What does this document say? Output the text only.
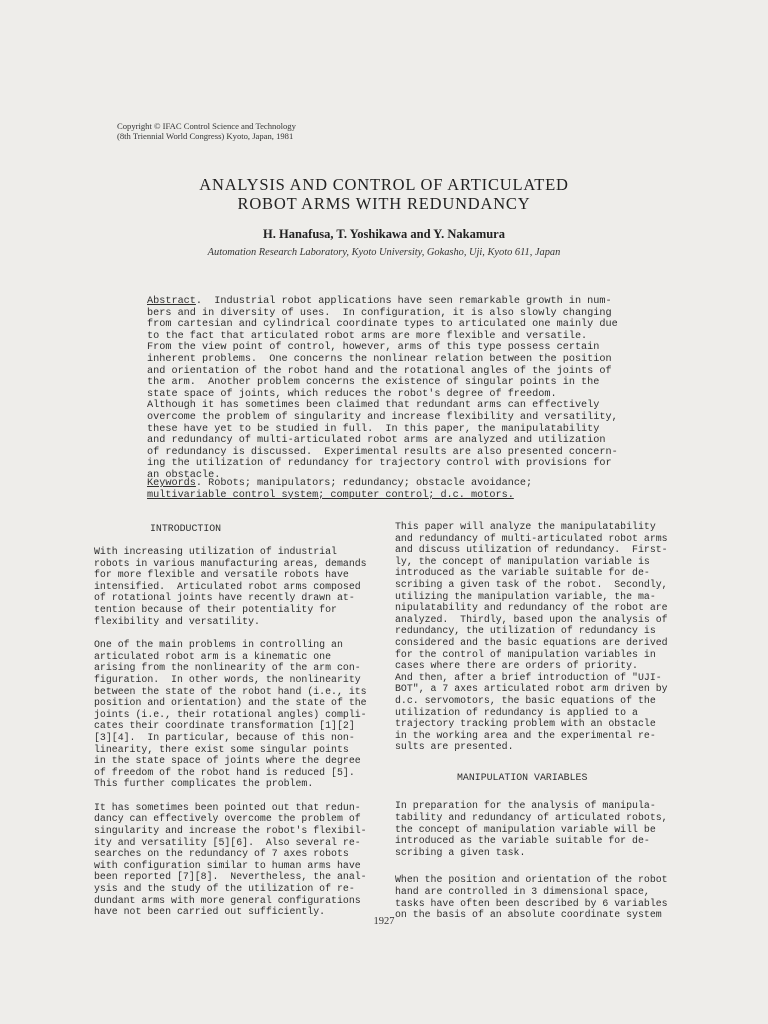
Copyright © IFAC Control Science and Technology
(8th Triennial World Congress) Kyoto, Japan, 1981
ANALYSIS AND CONTROL OF ARTICULATED
ROBOT ARMS WITH REDUNDANCY
H. Hanafusa, T. Yoshikawa and Y. Nakamura
Automation Research Laboratory, Kyoto University, Gokasho, Uji, Kyoto 611, Japan
Abstract.  Industrial robot applications have seen remarkable growth in num-
bers and in diversity of uses.  In configuration, it is also slowly changing
from cartesian and cylindrical coordinate types to articulated one mainly due
to the fact that articulated robot arms are more flexible and versatile.
From the view point of control, however, arms of this type possess certain
inherent problems.  One concerns the nonlinear relation between the position
and orientation of the robot hand and the rotational angles of the joints of
the arm.  Another problem concerns the existence of singular points in the
state space of joints, which reduces the robot's degree of freedom.
Although it has sometimes been claimed that redundant arms can effectively
overcome the problem of singularity and increase flexibility and versatility,
these have yet to be studied in full.  In this paper, the manipulatability
and redundancy of multi-articulated robot arms are analyzed and utilization
of redundancy is discussed.  Experimental results are also presented concern-
ing the utilization of redundancy for trajectory control with provisions for
an obstacle.
Keywords. Robots; manipulators; redundancy; obstacle avoidance;
multivariable control system; computer control; d.c. motors.
INTRODUCTION
With increasing utilization of industrial
robots in various manufacturing areas, demands
for more flexible and versatile robots have
intensified.  Articulated robot arms composed
of rotational joints have recently drawn at-
tention because of their potentiality for
flexibility and versatility.
One of the main problems in controlling an
articulated robot arm is a kinematic one
arising from the nonlinearity of the arm con-
figuration.  In other words, the nonlinearity
between the state of the robot hand (i.e., its
position and orientation) and the state of the
joints (i.e., their rotational angles) compli-
cates their coordinate transformation [1][2]
[3][4].  In particular, because of this non-
linearity, there exist some singular points
in the state space of joints where the degree
of freedom of the robot hand is reduced [5].
This further complicates the problem.
It has sometimes been pointed out that redun-
dancy can effectively overcome the problem of
singularity and increase the robot's flexibil-
ity and versatility [5][6].  Also several re-
searches on the redundancy of 7 axes robots
with configuration similar to human arms have
been reported [7][8].  Nevertheless, the anal-
ysis and the study of the utilization of re-
dundant arms with more general configurations
have not been carried out sufficiently.
This paper will analyze the manipulatability
and redundancy of multi-articulated robot arms
and discuss utilization of redundancy.  First-
ly, the concept of manipulation variable is
introduced as the variable suitable for de-
scribing a given task of the robot.  Secondly,
utilizing the manipulation variable, the ma-
nipulatability and redundancy of the robot are
analyzed.  Thirdly, based upon the analysis of
redundancy, the utilization of redundancy is
considered and the basic equations are derived
for the control of manipulation variables in
cases where there are orders of priority.
And then, after a brief introduction of "UJI-
BOT", a 7 axes articulated robot arm driven by
d.c. servomotors, the basic equations of the
utilization of redundancy is applied to a
trajectory tracking problem with an obstacle
in the working area and the experimental re-
sults are presented.
MANIPULATION VARIABLES
In preparation for the analysis of manipula-
tability and redundancy of articulated robots,
the concept of manipulation variable will be
introduced as the variable suitable for de-
scribing a given task.
When the position and orientation of the robot
hand are controlled in 3 dimensional space,
tasks have often been described by 6 variables
on the basis of an absolute coordinate system
1927
